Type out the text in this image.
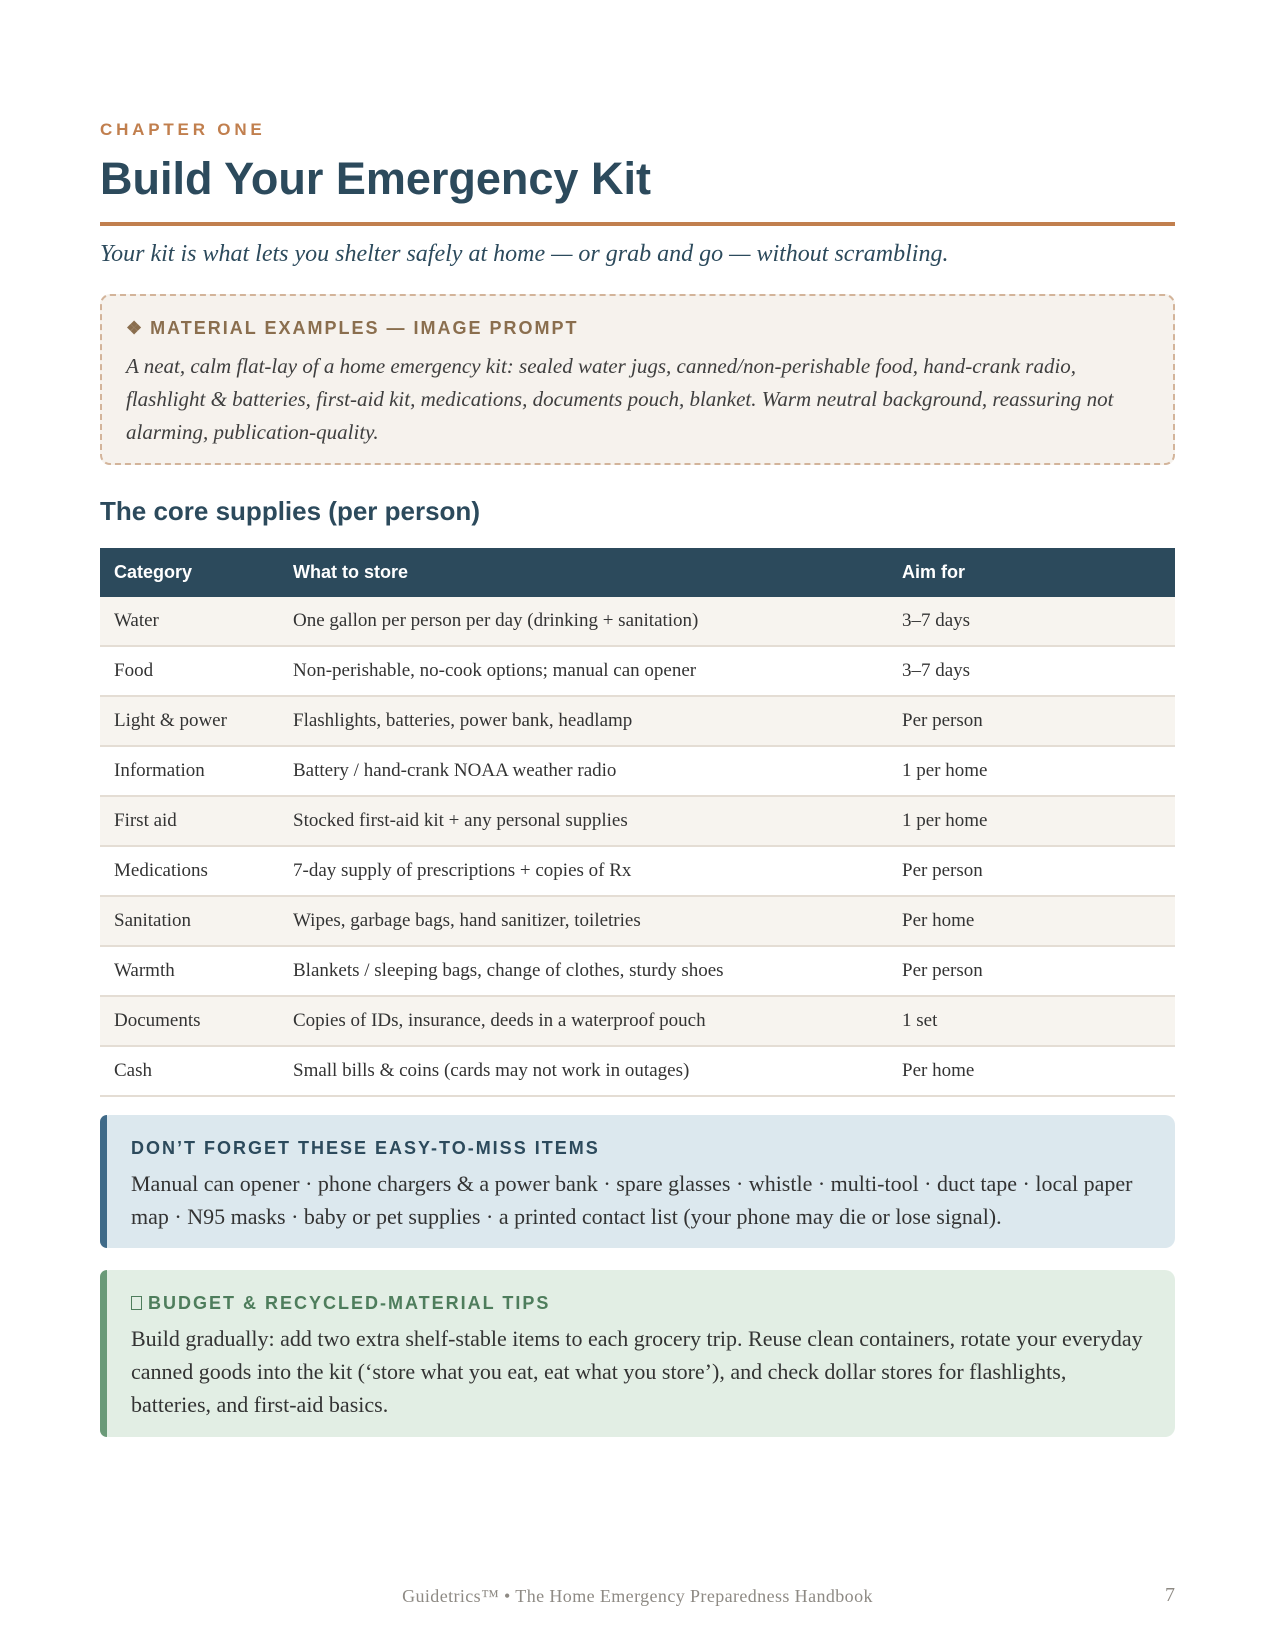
CHAPTER ONE
Build Your Emergency Kit
Your kit is what lets you shelter safely at home — or grab and go — without scrambling.
❖ MATERIAL EXAMPLES — IMAGE PROMPT
A neat, calm flat-lay of a home emergency kit: sealed water jugs, canned/non-perishable food, hand-crank radio, flashlight & batteries, first-aid kit, medications, documents pouch, blanket. Warm neutral background, reassuring not alarming, publication-quality.
The core supplies (per person)
Category	What to store	Aim for
Water	One gallon per person per day (drinking + sanitation)	3–7 days
Food	Non-perishable, no-cook options; manual can opener	3–7 days
Light & power	Flashlights, batteries, power bank, headlamp	Per person
Information	Battery / hand-crank NOAA weather radio	1 per home
First aid	Stocked first-aid kit + any personal supplies	1 per home
Medications	7-day supply of prescriptions + copies of Rx	Per person
Sanitation	Wipes, garbage bags, hand sanitizer, toiletries	Per home
Warmth	Blankets / sleeping bags, change of clothes, sturdy shoes	Per person
Documents	Copies of IDs, insurance, deeds in a waterproof pouch	1 set
Cash	Small bills & coins (cards may not work in outages)	Per home
DON’T FORGET THESE EASY-TO-MISS ITEMS
Manual can opener · phone chargers & a power bank · spare glasses · whistle · multi-tool · duct tape · local paper map · N95 masks · baby or pet supplies · a printed contact list (your phone may die or lose signal).
BUDGET & RECYCLED-MATERIAL TIPS
Build gradually: add two extra shelf-stable items to each grocery trip. Reuse clean containers, rotate your everyday canned goods into the kit (‘store what you eat, eat what you store’), and check dollar stores for flashlights, batteries, and first-aid basics.
Guidetrics™ • The Home Emergency Preparedness Handbook	7
